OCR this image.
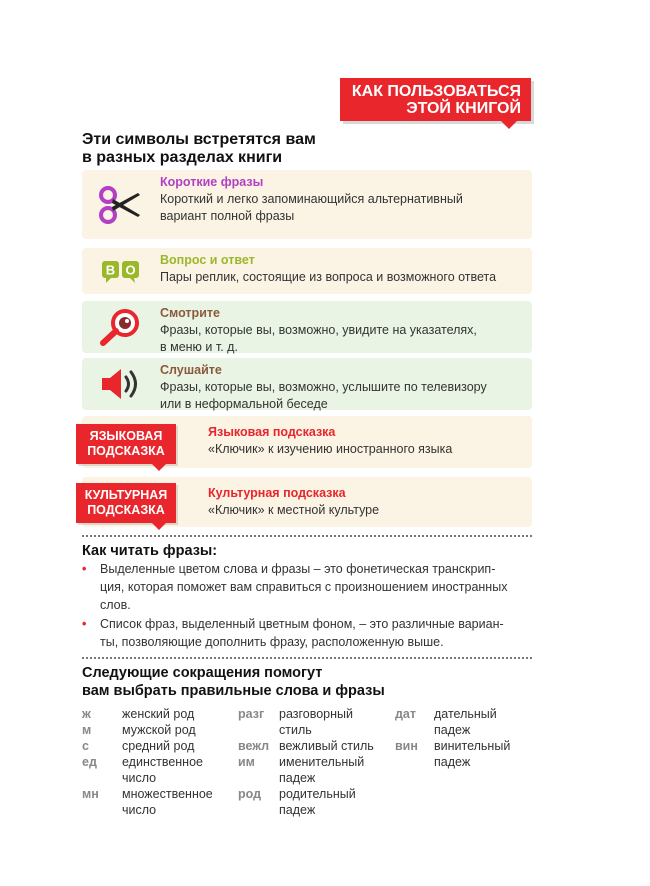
КАК ПОЛЬЗОВАТЬСЯ
ЭТОЙ КНИГОЙ
Эти символы встретятся вам
в разных разделах книги
Короткие фразы
Короткий и легко запоминающийся альтернативный
вариант полной фразы
В О
Вопрос и ответ
Пары реплик, состоящие из вопроса и возможного ответа
Смотрите
Фразы, которые вы, возможно, увидите на указателях,
в меню и т. д.
Слушайте
Фразы, которые вы, возможно, услышите по телевизору
или в неформальной беседе
ЯЗЫКОВАЯ
ПОДСКАЗКА
Языковая подсказка
«Ключик» к изучению иностранного языка
КУЛЬТУРНАЯ
ПОДСКАЗКА
Культурная подсказка
«Ключик» к местной культуре
Как читать фразы:
• Выделенные цветом слова и фразы – это фонетическая транскрип-
ция, которая поможет вам справиться с произношением иностранных
слов.
• Список фраз, выделенный цветным фоном, – это различные вариан-
ты, позволяющие дополнить фразу, расположенную выше.
Следующие сокращения помогут
вам выбрать правильные слова и фразы
ж женский род
м мужской род
с	средний род
ед единственное
число
мн множественное
число
разг разговорный
стиль
вежл вежливый стиль
им именительный
падеж
род родительный
падеж
дат дательный
падеж
вин винительный
падеж
